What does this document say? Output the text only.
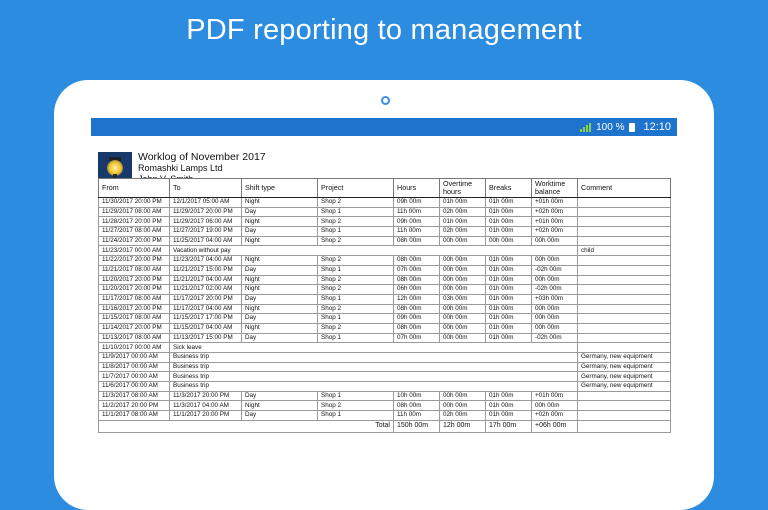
PDF reporting to management
100 % 12:10
Worklog of November 2017
Romashki Lamps Ltd
From	To	Shift type	Project	Hours	Overtime hours	Breaks	Worktime balance	Comment
11/30/2017 20:00 PM	12/1/2017 05:00 AM	Night	Shop 2	09h 00m	01h 00m	01h 00m	+01h 00m	
11/29/2017 08:00 AM	11/29/2017 20:00 PM	Day	Shop 1	11h 00m	02h 00m	01h 00m	+02h 00m	
11/28/2017 20:00 PM	11/29/2017 06:00 AM	Night	Shop 2	09h 00m	01h 00m	01h 00m	+01h 00m	
11/27/2017 08:00 AM	11/27/2017 19:00 PM	Day	Shop 1	11h 00m	02h 00m	01h 00m	+02h 00m	
11/24/2017 20:00 PM	11/25/2017 04:00 AM	Night	Shop 2	08h 00m	00h 00m	00h 00m	00h 00m	
11/23/2017 00:00 AM	Vacation without pay							child
11/22/2017 20:00 PM	11/23/2017 04:00 AM	Night	Shop 2	08h 00m	00h 00m	01h 00m	00h 00m	
11/21/2017 08:00 AM	11/21/2017 15:00 PM	Day	Shop 1	07h 00m	00h 00m	01h 00m	-02h 00m	
11/20/2017 20:00 PM	11/21/2017 04:00 AM	Night	Shop 2	08h 00m	00h 00m	01h 00m	00h 00m	
11/20/2017 20:00 PM	11/21/2017 02:00 AM	Night	Shop 2	06h 00m	00h 00m	01h 00m	-02h 00m	
11/17/2017 08:00 AM	11/17/2017 20:00 PM	Day	Shop 1	12h 00m	03h 00m	01h 00m	+03h 00m	
11/16/2017 20:00 PM	11/17/2017 04:00 AM	Night	Shop 2	08h 00m	00h 00m	01h 00m	00h 00m	
11/15/2017 08:00 AM	11/15/2017 17:00 PM	Day	Shop 1	09h 00m	00h 00m	01h 00m	00h 00m	
11/14/2017 20:00 PM	11/15/2017 04:00 AM	Night	Shop 2	08h 00m	00h 00m	01h 00m	00h 00m	
11/13/2017 08:00 AM	11/13/2017 15:00 PM	Day	Shop 1	07h 00m	00h 00m	01h 00m	-02h 00m	
11/10/2017 00:00 AM	Sick leave							
11/9/2017 00:00 AM	Business trip							Germany, new equipment
11/8/2017 00:00 AM	Business trip							Germany, new equipment
11/7/2017 00:00 AM	Business trip							Germany, new equipment
11/6/2017 00:00 AM	Business trip							Germany, new equipment
11/3/2017 08:00 AM	11/3/2017 20:00 PM	Day	Shop 1	10h 00m	00h 00m	01h 00m	+01h 00m	
11/2/2017 20:00 PM	11/3/2017 04:00 AM	Night	Shop 2	08h 00m	00h 00m	01h 00m	00h 00m	
11/1/2017 08:00 AM	11/1/2017 20:00 PM	Day	Shop 1	11h 00m	02h 00m	01h 00m	+02h 00m	
Total				150h 00m	12h 00m	17h 00m	+06h 00m	
